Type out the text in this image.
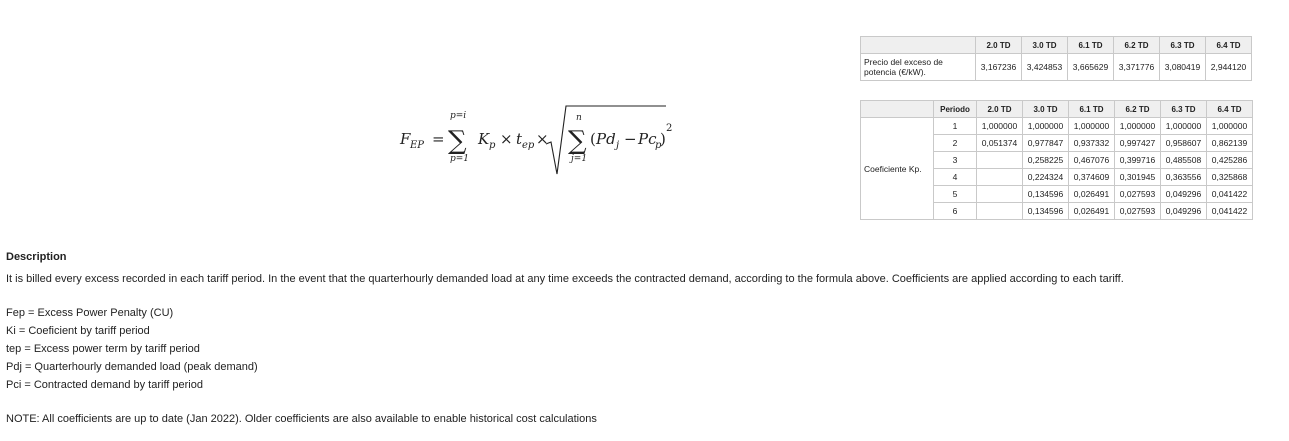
F EP =
p=i
∑
p=1
K p × t ep ×
n
∑
j=1
( Pd j − Pc
p
)
2
	2.0 TD	3.0 TD	6.1 TD	6.2 TD	6.3 TD	6.4 TD
Precio del exceso de potencia (€/kW).	3,167236	3,424853	3,665629	3,371776	3,080419	2,944120
	Periodo	2.0 TD	3.0 TD	6.1 TD	6.2 TD	6.3 TD	6.4 TD
Coeficiente Kp.	1	1,000000	1,000000	1,000000	1,000000	1,000000	1,000000
	2	0,051374	0,977847	0,937332	0,997427	0,958607	0,862139
	3		0,258225	0,467076	0,399716	0,485508	0,425286
	4		0,224324	0,374609	0,301945	0,363556	0,325868
	5		0,134596	0,026491	0,027593	0,049296	0,041422
	6		0,134596	0,026491	0,027593	0,049296	0,041422
Description

It is billed every excess recorded in each tariff period. In the event that the quarterhourly demanded load at any time exceeds the contracted demand, according to the formula above. Coefficients are applied according to each tariff.

Fep = Excess Power Penalty (CU)
Ki = Coeficient by tariff period
tep = Excess power term by tariff period
Pdj = Quarterhourly demanded load (peak demand)
Pci = Contracted demand by tariff period

NOTE: All coefficients are up to date (Jan 2022). Older coefficients are also available to enable historical cost calculations
